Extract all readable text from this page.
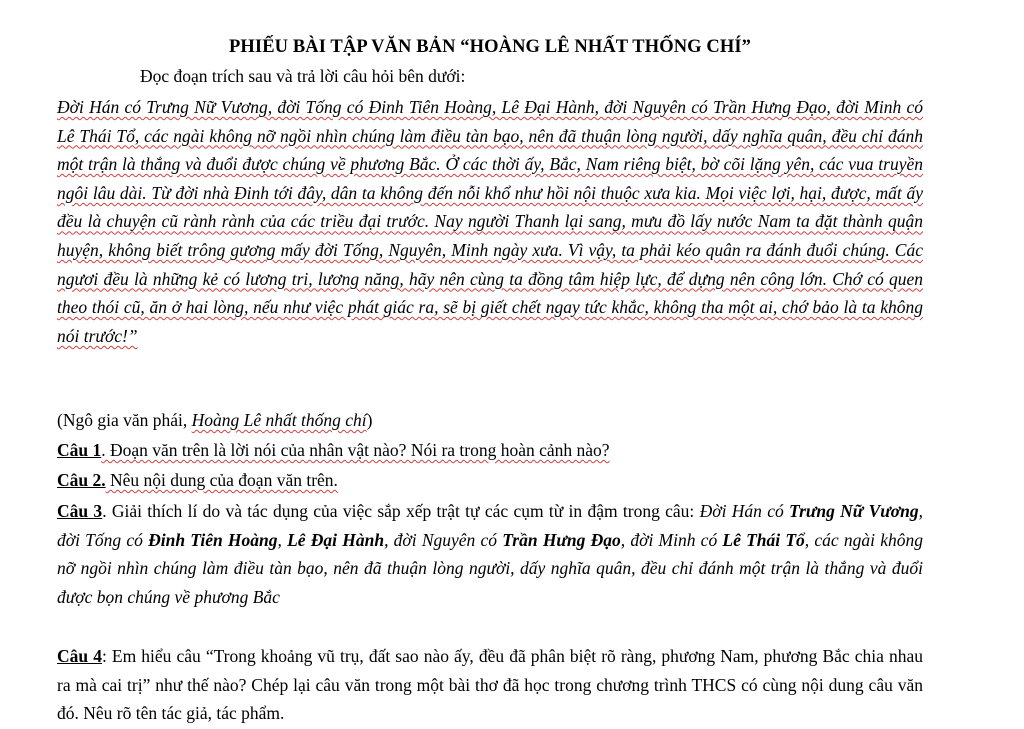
PHIẾU BÀI TẬP VĂN BẢN “HOÀNG LÊ NHẤT THỐNG CHÍ”
Đọc đoạn trích sau và trả lời câu hỏi bên dưới:
Đời Hán có Trưng Nữ Vương, đời Tống có Đinh Tiên Hoàng, Lê Đại Hành, đời Nguyên có Trần Hưng Đạo, đời Minh có Lê Thái Tổ, các ngài không nỡ ngồi nhìn chúng làm điều tàn bạo, nên đã thuận lòng người, dấy nghĩa quân, đều chỉ đánh một trận là thắng và đuổi được chúng về phương Bắc. Ở các thời ấy, Bắc, Nam riêng biệt, bờ cõi lặng yên, các vua truyền ngôi lâu dài. Từ đời nhà Đinh tới đây, dân ta không đến nỗi khổ như hồi nội thuộc xưa kia. Mọi việc lợi, hại, được, mất ấy đều là chuyện cũ rành rành của các triều đại trước. Nay người Thanh lại sang, mưu đồ lấy nước Nam ta đặt thành quận huyện, không biết trông gương mấy đời Tống, Nguyên, Minh ngày xưa. Vì vậy, ta phải kéo quân ra đánh đuổi chúng. Các ngươi đều là những kẻ có lương tri, lương năng, hãy nên cùng ta đồng tâm hiệp lực, để dựng nên công lớn. Chớ có quen theo thói cũ, ăn ở hai lòng, nếu như việc phát giác ra, sẽ bị giết chết ngay tức khắc, không tha một ai, chớ bảo là ta không nói trước!”
(Ngô gia văn phái, Hoàng Lê nhất thống chí)
Câu 1. Đoạn văn trên là lời nói của nhân vật nào? Nói ra trong hoàn cảnh nào?
Câu 2. Nêu nội dung của đoạn văn trên.
Câu 3. Giải thích lí do và tác dụng của việc sắp xếp trật tự các cụm từ in đậm trong câu: Đời Hán có Trưng Nữ Vương, đời Tống có Đinh Tiên Hoàng, Lê Đại Hành, đời Nguyên có Trần Hưng Đạo, đời Minh có Lê Thái Tổ, các ngài không nỡ ngồi nhìn chúng làm điều tàn bạo, nên đã thuận lòng người, dấy nghĩa quân, đều chỉ đánh một trận là thắng và đuổi được bọn chúng về phương Bắc
Câu 4: Em hiểu câu “Trong khoảng vũ trụ, đất sao nào ấy, đều đã phân biệt rõ ràng, phương Nam, phương Bắc chia nhau ra mà cai trị” như thế nào? Chép lại câu văn trong một bài thơ đã học trong chương trình THCS có cùng nội dung câu văn đó. Nêu rõ tên tác giả, tác phẩm.
